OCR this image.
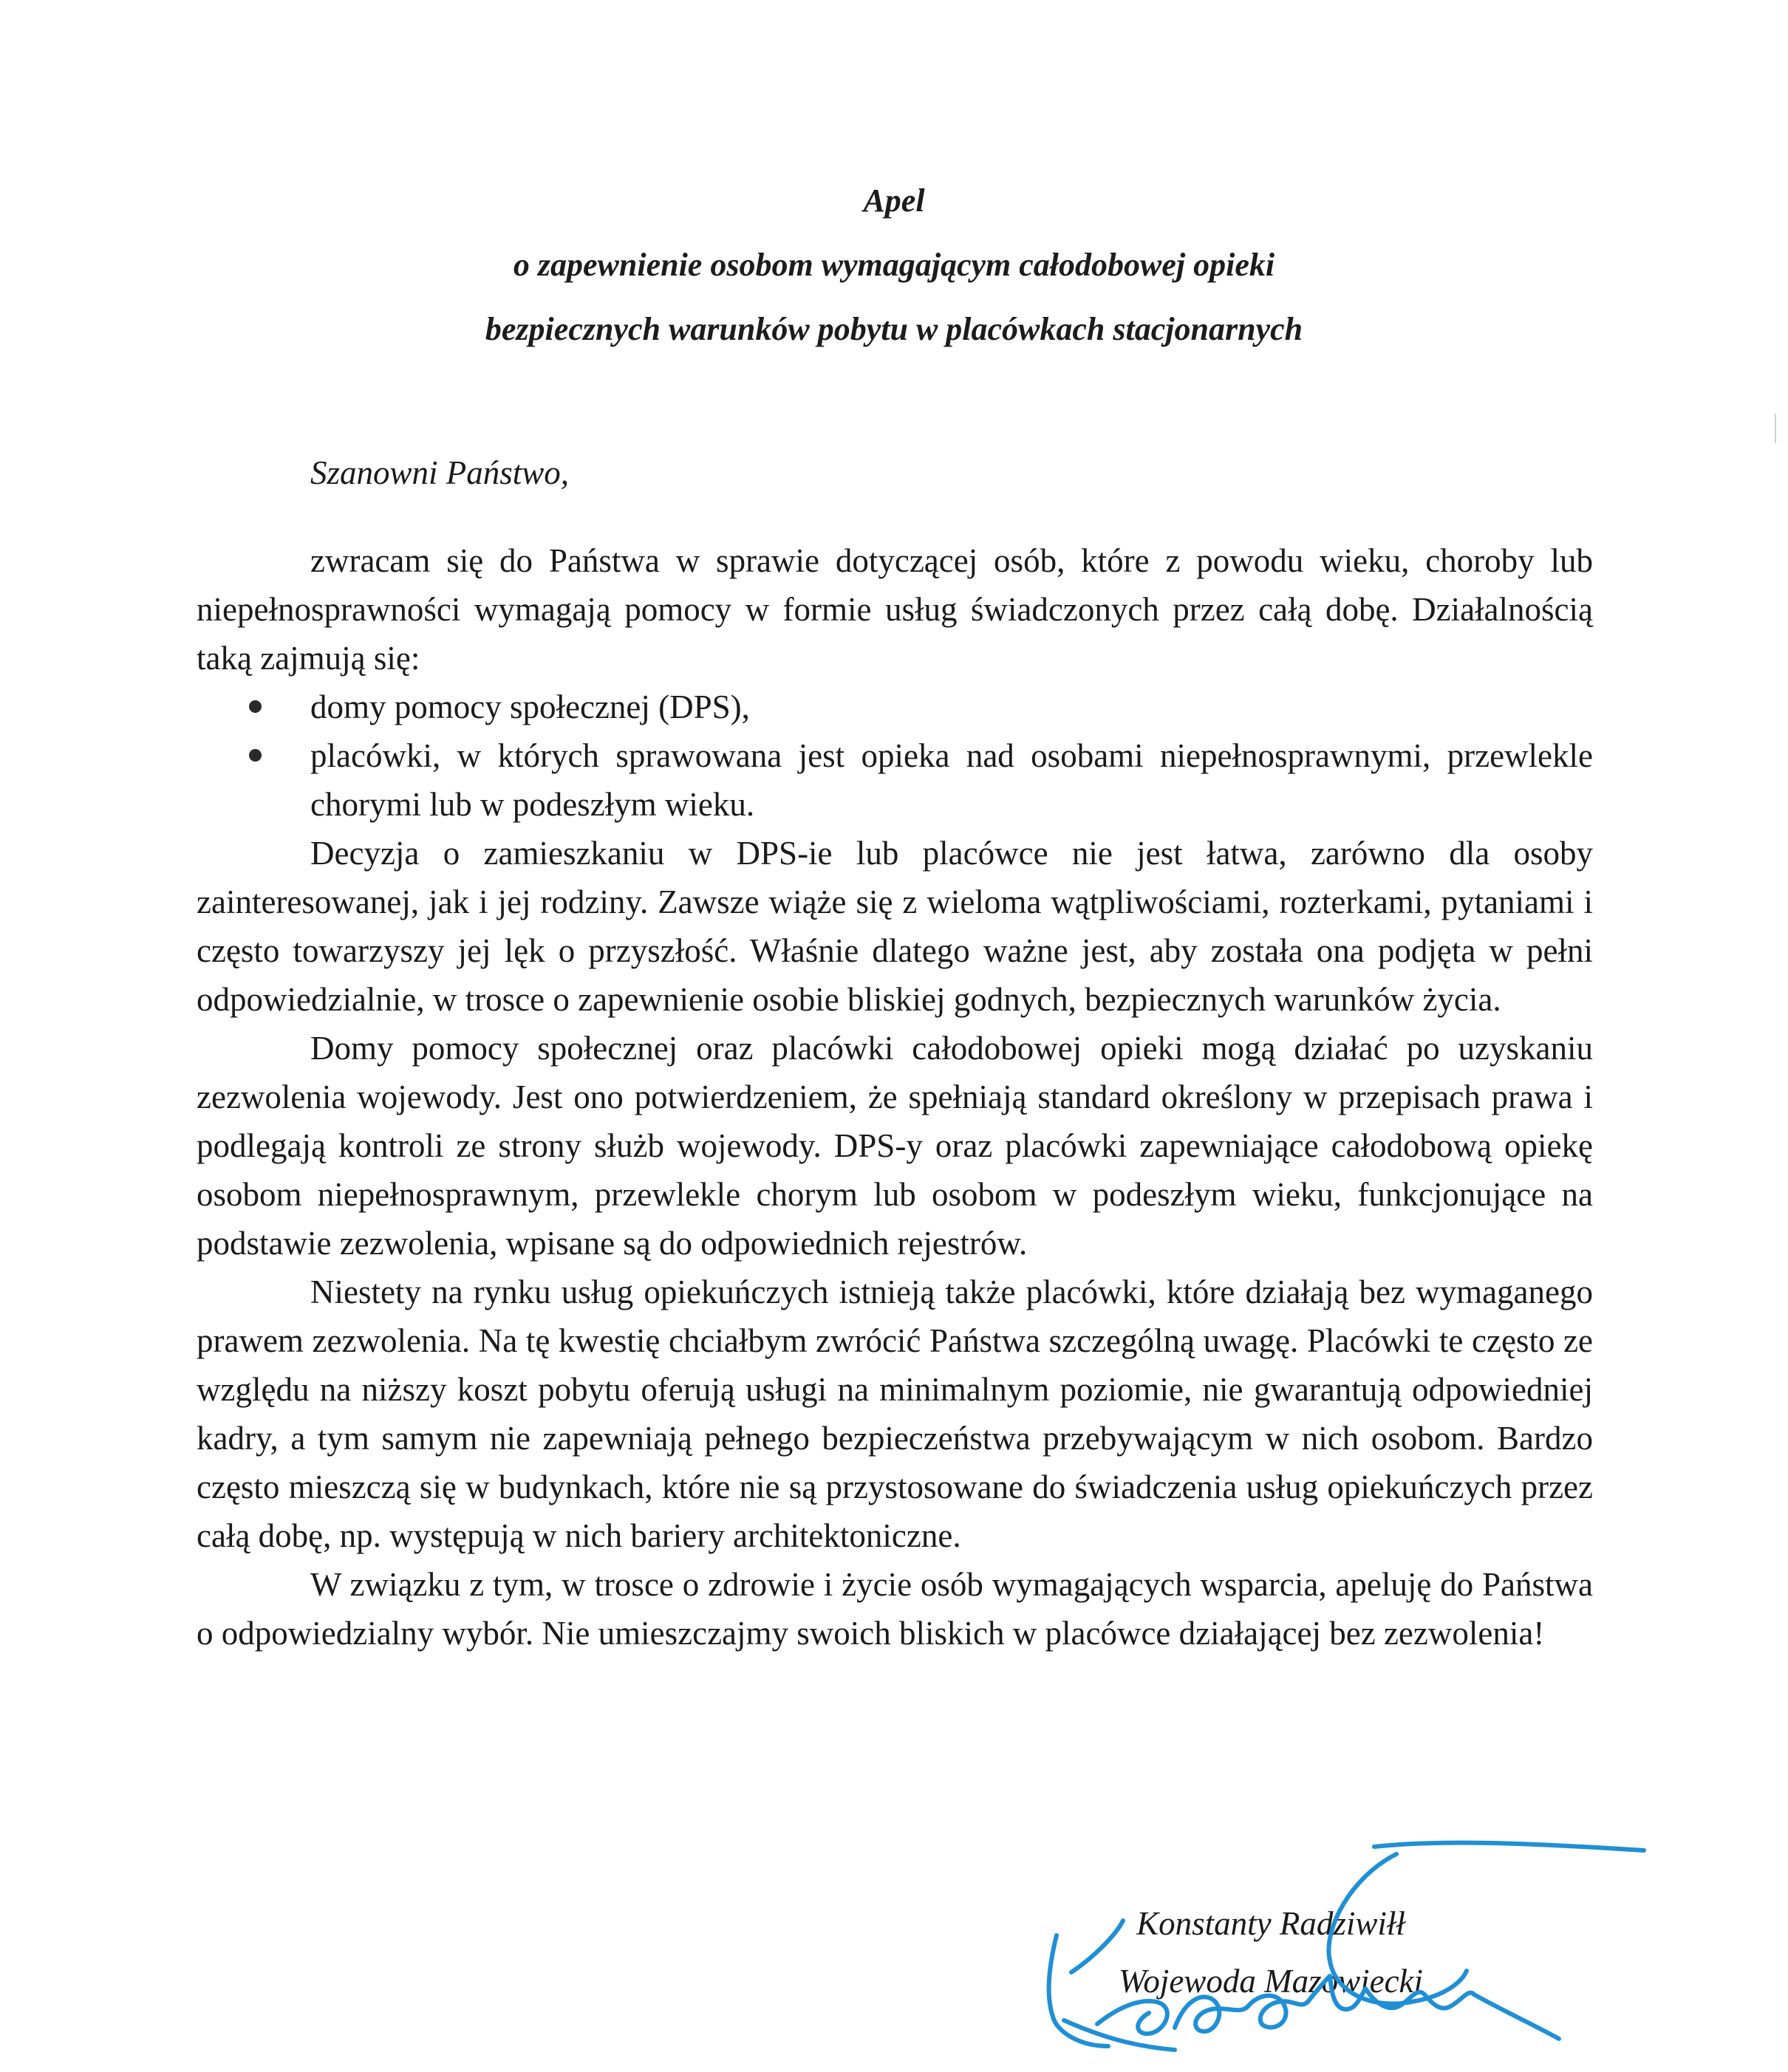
Apel
o zapewnienie osobom wymagającym całodobowej opieki
bezpiecznych warunków pobytu w placówkach stacjonarnych
Szanowni Państwo,

zwracam się do Państwa w sprawie dotyczącej osób, które z powodu wieku, choroby lub niepełnosprawności wymagają pomocy w formie usług świadczonych przez całą dobę. Działalnością taką zajmują się:

domy pomocy społecznej (DPS),
placówki, w których sprawowana jest opieka nad osobami niepełnosprawnymi, przewlekle chorymi lub w podeszłym wieku.

Decyzja o zamieszkaniu w DPS-ie lub placówce nie jest łatwa, zarówno dla osoby zainteresowanej, jak i jej rodziny. Zawsze wiąże się z wieloma wątpliwościami, rozterkami, pytaniami i często towarzyszy jej lęk o przyszłość. Właśnie dlatego ważne jest, aby została ona podjęta w pełni odpowiedzialnie, w trosce o zapewnienie osobie bliskiej godnych, bezpiecznych warunków życia.

Domy pomocy społecznej oraz placówki całodobowej opieki mogą działać po uzyskaniu zezwolenia wojewody. Jest ono potwierdzeniem, że spełniają standard określony w przepisach prawa i podlegają kontroli ze strony służb wojewody. DPS-y oraz placówki zapewniające całodobową opiekę osobom niepełnosprawnym, przewlekle chorym lub osobom w podeszłym wieku, funkcjonujące na podstawie zezwolenia, wpisane są do odpowiednich rejestrów.

Niestety na rynku usług opiekuńczych istnieją także placówki, które działają bez wymaganego prawem zezwolenia. Na tę kwestię chciałbym zwrócić Państwa szczególną uwagę. Placówki te często ze względu na niższy koszt pobytu oferują usługi na minimalnym poziomie, nie gwarantują odpowiedniej kadry, a tym samym nie zapewniają pełnego bezpieczeństwa przebywającym w nich osobom. Bardzo często mieszczą się w budynkach, które nie są przystosowane do świadczenia usług opiekuńczych przez całą dobę, np. występują w nich bariery architektoniczne.

W związku z tym, w trosce o zdrowie i życie osób wymagających wsparcia, apeluję do Państwa o odpowiedzialny wybór. Nie umieszczajmy swoich bliskich w placówce działającej bez zezwolenia!

Konstanty Radziwiłł
Wojewoda Mazowiecki
